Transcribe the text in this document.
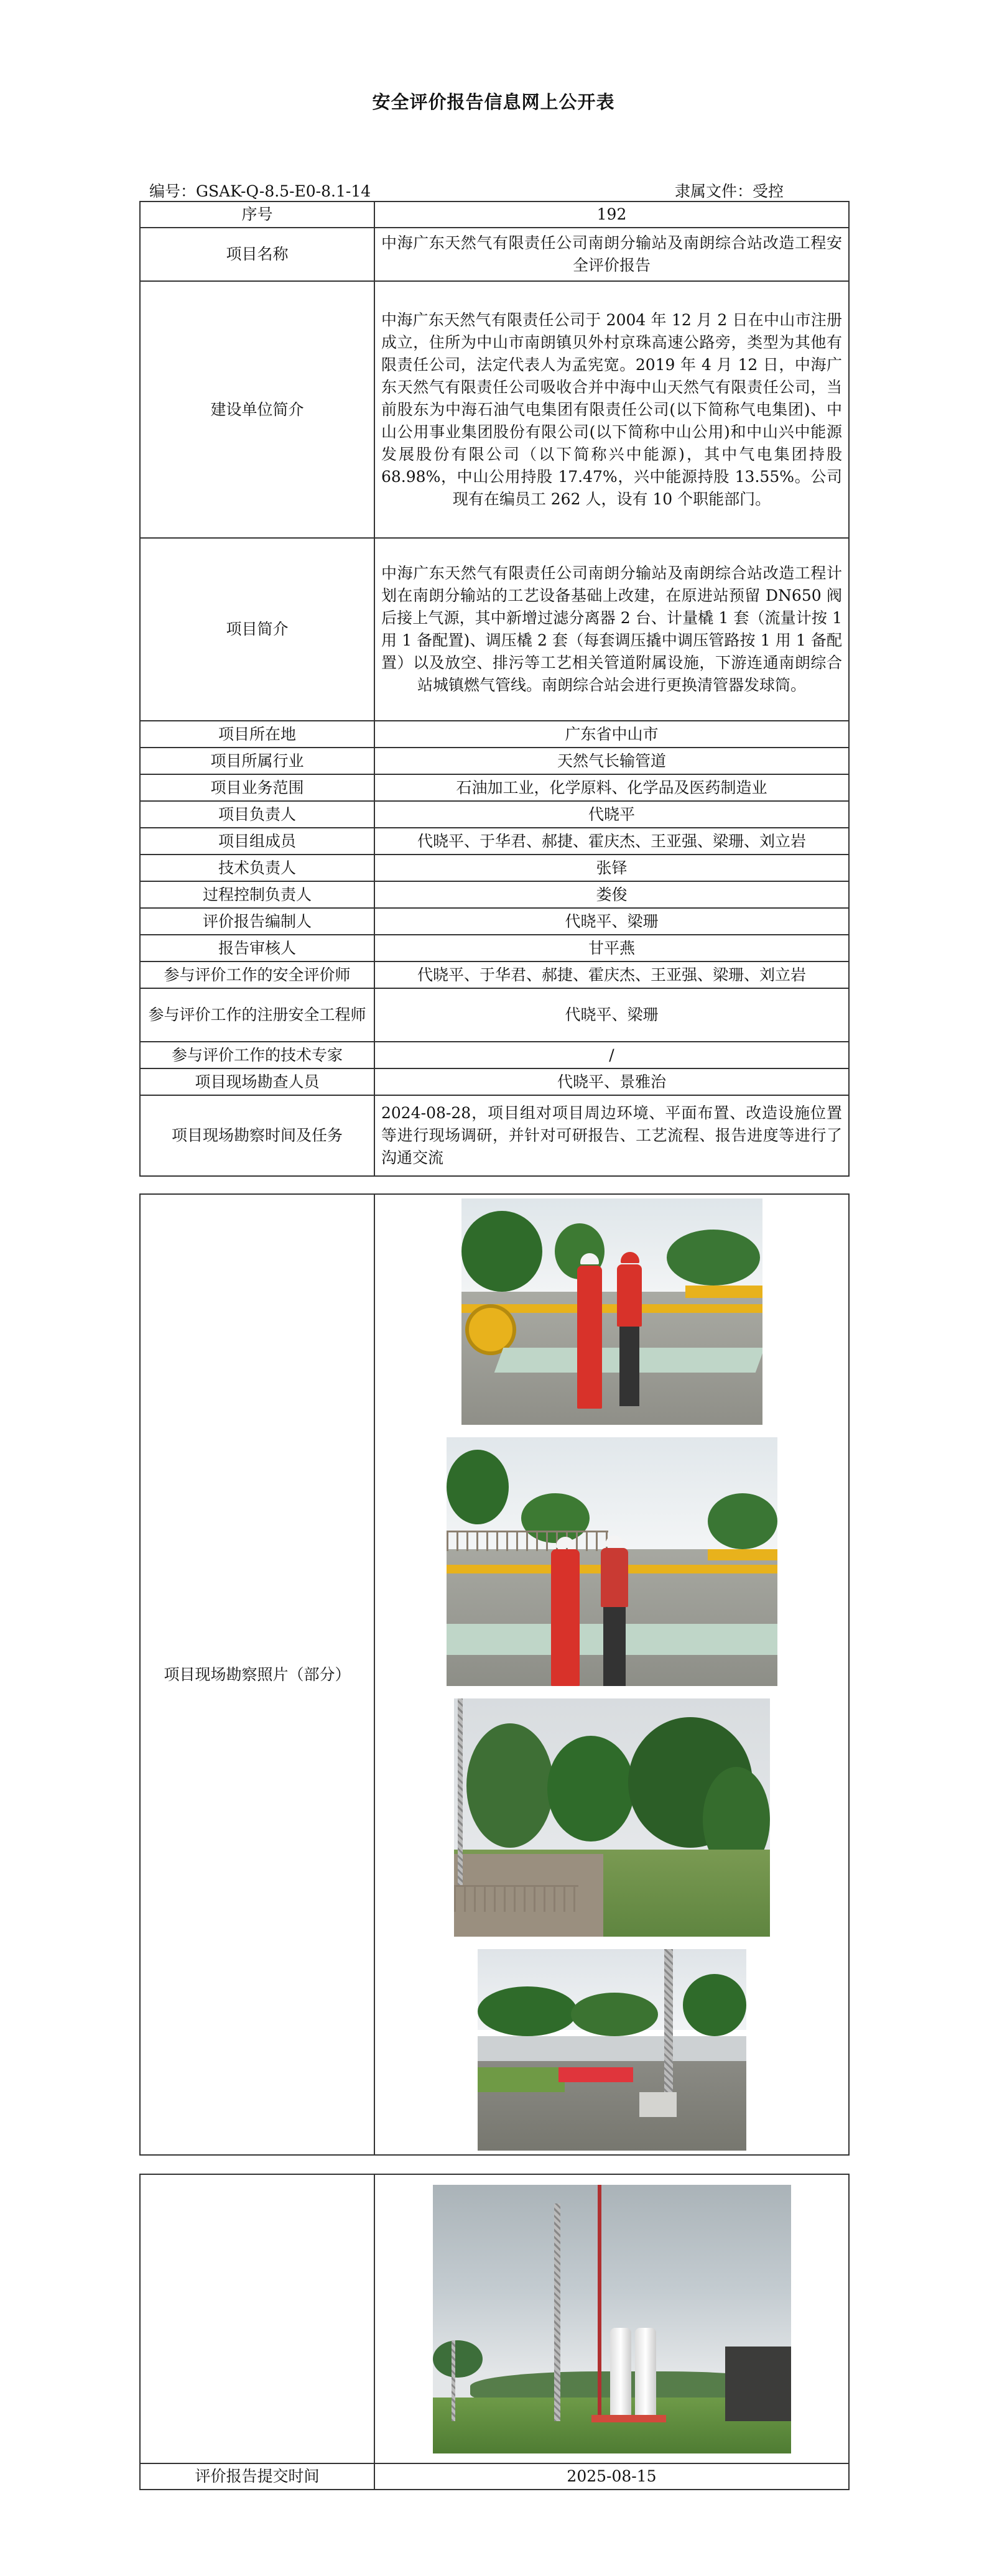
安全评价报告信息网上公开表
编号：GSAK-Q-8.5-E0-8.1-14	隶属文件：受控
序号	192
项目名称	中海广东天然气有限责任公司南朗分输站及南朗综合站改造工程安全评价报告
建设单位简介	中海广东天然气有限责任公司于 2004 年 12 月 2 日在中山市注册成立，住所为中山市南朗镇贝外村京珠高速公路旁，类型为其他有限责任公司，法定代表人为孟宪宽。2019 年 4 月 12 日，中海广东天然气有限责任公司吸收合并中海中山天然气有限责任公司，当前股东为中海石油气电集团有限责任公司(以下简称气电集团)、中山公用事业集团股份有限公司(以下简称中山公用)和中山兴中能源发展股份有限公司（以下简称兴中能源)，其中气电集团持股 68.98%，中山公用持股 17.47%，兴中能源持股 13.55%。公司现有在编员工 262 人，设有 10 个职能部门。
项目简介	中海广东天然气有限责任公司南朗分输站及南朗综合站改造工程计划在南朗分输站的工艺设备基础上改建，在原进站预留 DN650 阀后接上气源，其中新增过滤分离器 2 台、计量橇 1 套（流量计按 1 用 1 备配置)、调压橇 2 套（每套调压撬中调压管路按 1 用 1 备配置）以及放空、排污等工艺相关管道附属设施，下游连通南朗综合站城镇燃气管线。南朗综合站会进行更换清管器发球筒。
项目所在地	广东省中山市
项目所属行业	天然气长输管道
项目业务范围	石油加工业，化学原料、化学品及医药制造业
项目负责人	代晓平
项目组成员	代晓平、于华君、郝捷、霍庆杰、王亚强、梁珊、刘立岩
技术负责人	张铎
过程控制负责人	娄俊
评价报告编制人	代晓平、梁珊
报告审核人	甘平燕
参与评价工作的安全评价师	代晓平、于华君、郝捷、霍庆杰、王亚强、梁珊、刘立岩
参与评价工作的注册安全工程师	代晓平、梁珊
参与评价工作的技术专家	/
项目现场勘查人员	代晓平、景雅治
项目现场勘察时间及任务	2024-08-28，项目组对项目周边环境、平面布置、改造设施位置等进行现场调研，并针对可研报告、工艺流程、报告进度等进行了沟通交流
项目现场勘察照片（部分）	

评价报告提交时间	2025-08-15
